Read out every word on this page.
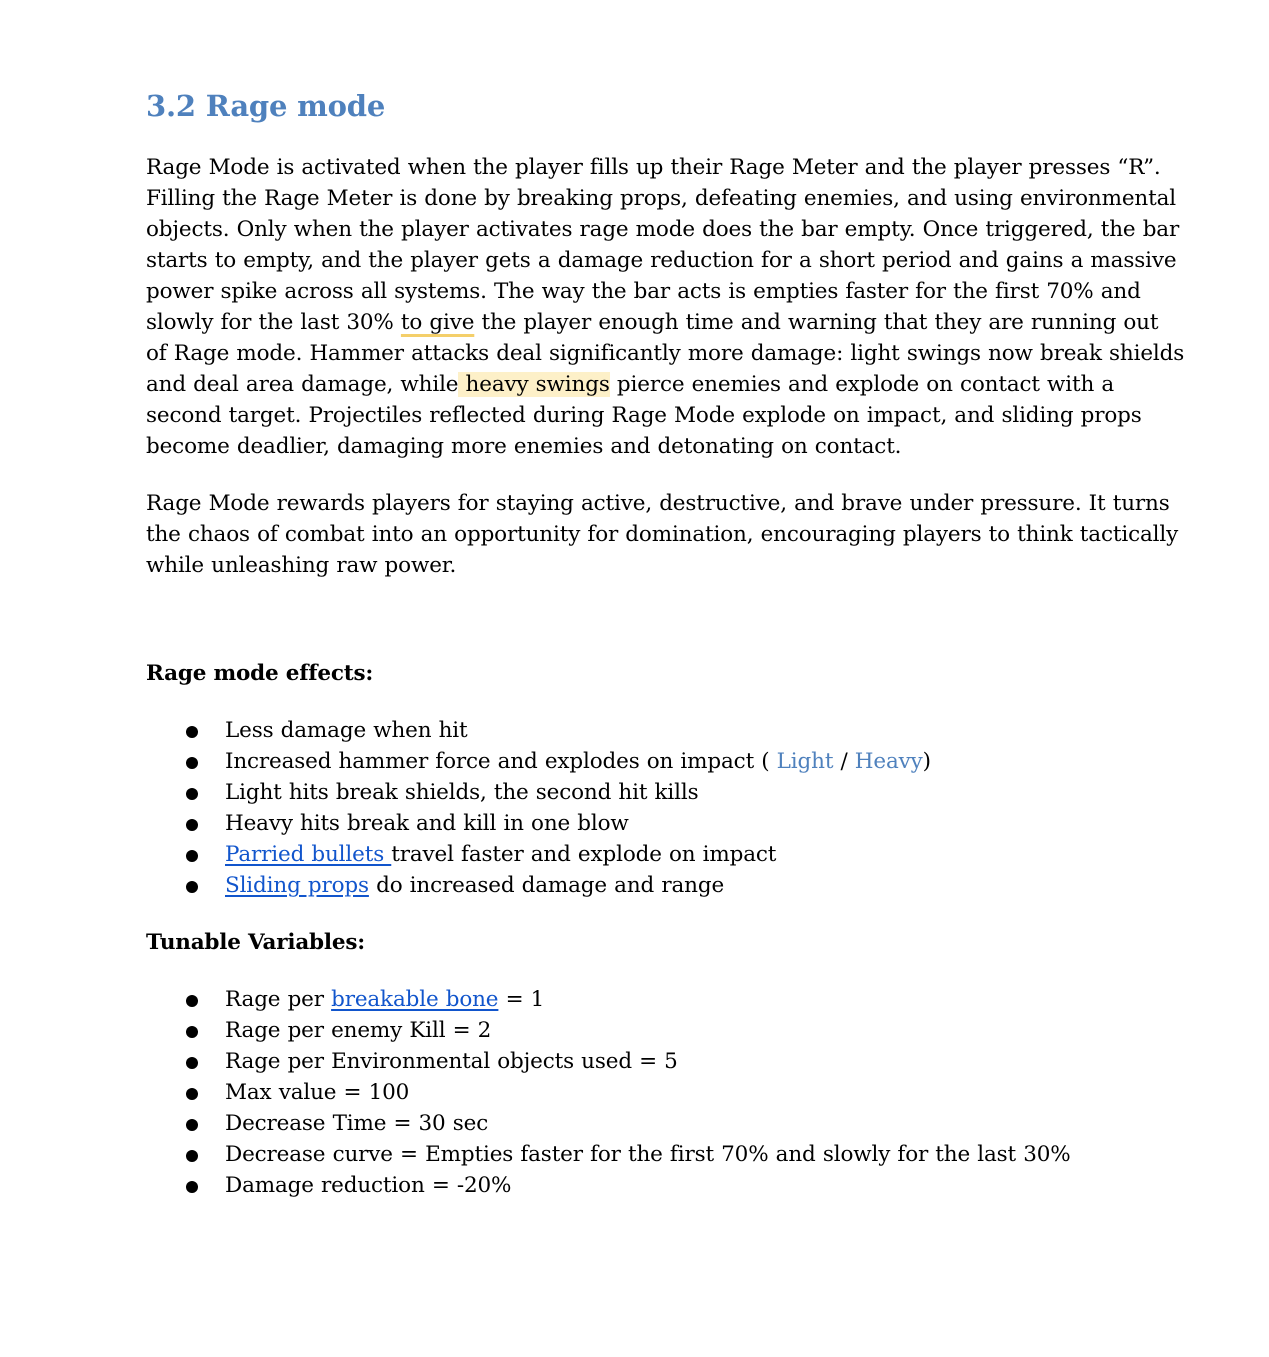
3.2 Rage mode

Rage Mode is activated when the player fills up their Rage Meter and the player presses “R”. Filling the Rage Meter is done by breaking props, defeating enemies, and using environmental objects. Only when the player activates rage mode does the bar empty. Once triggered, the bar starts to empty, and the player gets a damage reduction for a short period and gains a massive power spike across all systems. The way the bar acts is empties faster for the first 70% and slowly for the last 30% to give the player enough time and warning that they are running out of Rage mode. Hammer attacks deal significantly more damage: light swings now break shields and deal area damage, while heavy swings pierce enemies and explode on contact with a second target. Projectiles reflected during Rage Mode explode on impact, and sliding props become deadlier, damaging more enemies and detonating on contact.

Rage Mode rewards players for staying active, destructive, and brave under pressure. It turns the chaos of combat into an opportunity for domination, encouraging players to think tactically while unleashing raw power.

Rage mode effects:

Less damage when hit
Increased hammer force and explodes on impact ( Light / Heavy)
Light hits break shields, the second hit kills
Heavy hits break and kill in one blow
Parried bullets travel faster and explode on impact
Sliding props do increased damage and range

Tunable Variables:

Rage per breakable bone = 1
Rage per enemy Kill = 2
Rage per Environmental objects used = 5
Max value = 100
Decrease Time = 30 sec
Decrease curve = Empties faster for the first 70% and slowly for the last 30%
Damage reduction = -20%
